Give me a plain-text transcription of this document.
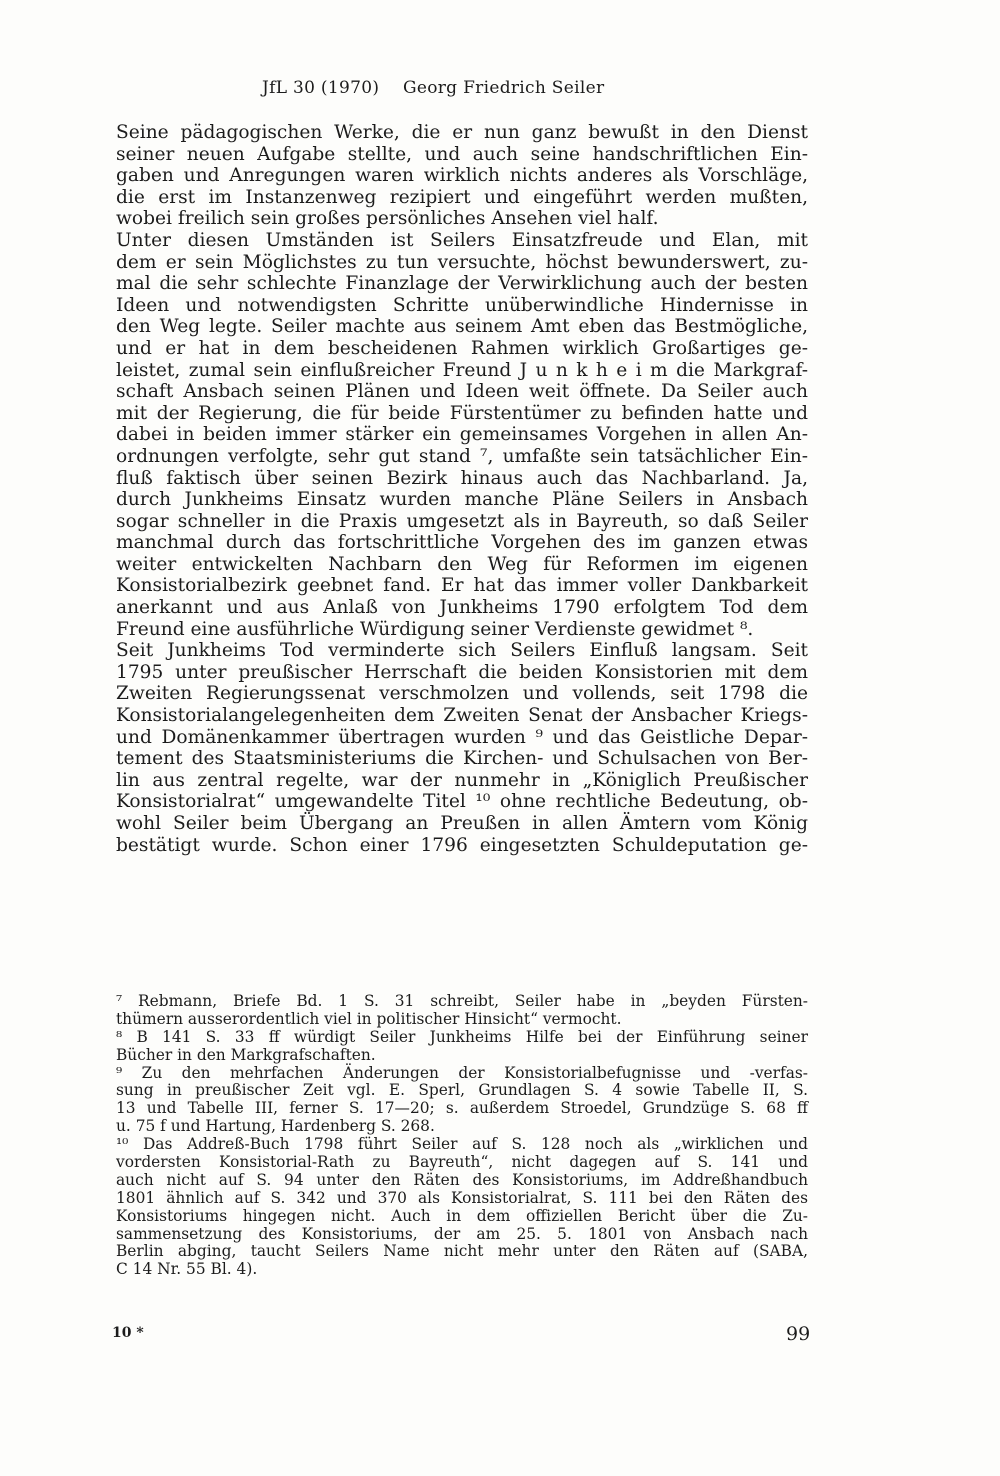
JfL 30 (1970) Georg Friedrich Seiler
Seine pädagogischen Werke, die er nun ganz bewußt in den Dienst
seiner neuen Aufgabe stellte, und auch seine handschriftlichen Ein-
gaben und Anregungen waren wirklich nichts anderes als Vorschläge,
die erst im Instanzenweg rezipiert und eingeführt werden mußten,
wobei freilich sein großes persönliches Ansehen viel half.
Unter diesen Umständen ist Seilers Einsatzfreude und Elan, mit
dem er sein Möglichstes zu tun versuchte, höchst bewunderswert, zu-
mal die sehr schlechte Finanzlage der Verwirklichung auch der besten
Ideen und notwendigsten Schritte unüberwindliche Hindernisse in
den Weg legte. Seiler machte aus seinem Amt eben das Bestmögliche,
und er hat in dem bescheidenen Rahmen wirklich Großartiges ge-
leistet, zumal sein einflußreicher Freund J u n k h e i m die Markgraf-
schaft Ansbach seinen Plänen und Ideen weit öffnete. Da Seiler auch
mit der Regierung, die für beide Fürstentümer zu befinden hatte und
dabei in beiden immer stärker ein gemeinsames Vorgehen in allen An-
ordnungen verfolgte, sehr gut stand ⁷, umfaßte sein tatsächlicher Ein-
fluß faktisch über seinen Bezirk hinaus auch das Nachbarland. Ja,
durch Junkheims Einsatz wurden manche Pläne Seilers in Ansbach
sogar schneller in die Praxis umgesetzt als in Bayreuth, so daß Seiler
manchmal durch das fortschrittliche Vorgehen des im ganzen etwas
weiter entwickelten Nachbarn den Weg für Reformen im eigenen
Konsistorialbezirk geebnet fand. Er hat das immer voller Dankbarkeit
anerkannt und aus Anlaß von Junkheims 1790 erfolgtem Tod dem
Freund eine ausführliche Würdigung seiner Verdienste gewidmet ⁸.
Seit Junkheims Tod verminderte sich Seilers Einfluß langsam. Seit
1795 unter preußischer Herrschaft die beiden Konsistorien mit dem
Zweiten Regierungssenat verschmolzen und vollends, seit 1798 die
Konsistorialangelegenheiten dem Zweiten Senat der Ansbacher Kriegs-
und Domänenkammer übertragen wurden ⁹ und das Geistliche Depar-
tement des Staatsministeriums die Kirchen- und Schulsachen von Ber-
lin aus zentral regelte, war der nunmehr in „Königlich Preußischer
Konsistorialrat“ umgewandelte Titel ¹⁰ ohne rechtliche Bedeutung, ob-
wohl Seiler beim Übergang an Preußen in allen Ämtern vom König
bestätigt wurde. Schon einer 1796 eingesetzten Schuldeputation ge-
⁷ Rebmann, Briefe Bd. 1 S. 31 schreibt, Seiler habe in „beyden Fürsten-
thümern ausserordentlich viel in politischer Hinsicht“ vermocht.
⁸ B 141 S. 33 ff würdigt Seiler Junkheims Hilfe bei der Einführung seiner
Bücher in den Markgrafschaften.
⁹ Zu den mehrfachen Änderungen der Konsistorialbefugnisse und -verfas-
sung in preußischer Zeit vgl. E. Sperl, Grundlagen S. 4 sowie Tabelle II, S.
13 und Tabelle III, ferner S. 17—20; s. außerdem Stroedel, Grundzüge S. 68 ff
u. 75 f und Hartung, Hardenberg S. 268.
¹⁰ Das Addreß-Buch 1798 führt Seiler auf S. 128 noch als „wirklichen und
vordersten Konsistorial-Rath zu Bayreuth“, nicht dagegen auf S. 141 und
auch nicht auf S. 94 unter den Räten des Konsistoriums, im Addreßhandbuch
1801 ähnlich auf S. 342 und 370 als Konsistorialrat, S. 111 bei den Räten des
Konsistoriums hingegen nicht. Auch in dem offiziellen Bericht über die Zu-
sammensetzung des Konsistoriums, der am 25. 5. 1801 von Ansbach nach
Berlin abging, taucht Seilers Name nicht mehr unter den Räten auf (SABA,
C 14 Nr. 55 Bl. 4).
10 *	99
